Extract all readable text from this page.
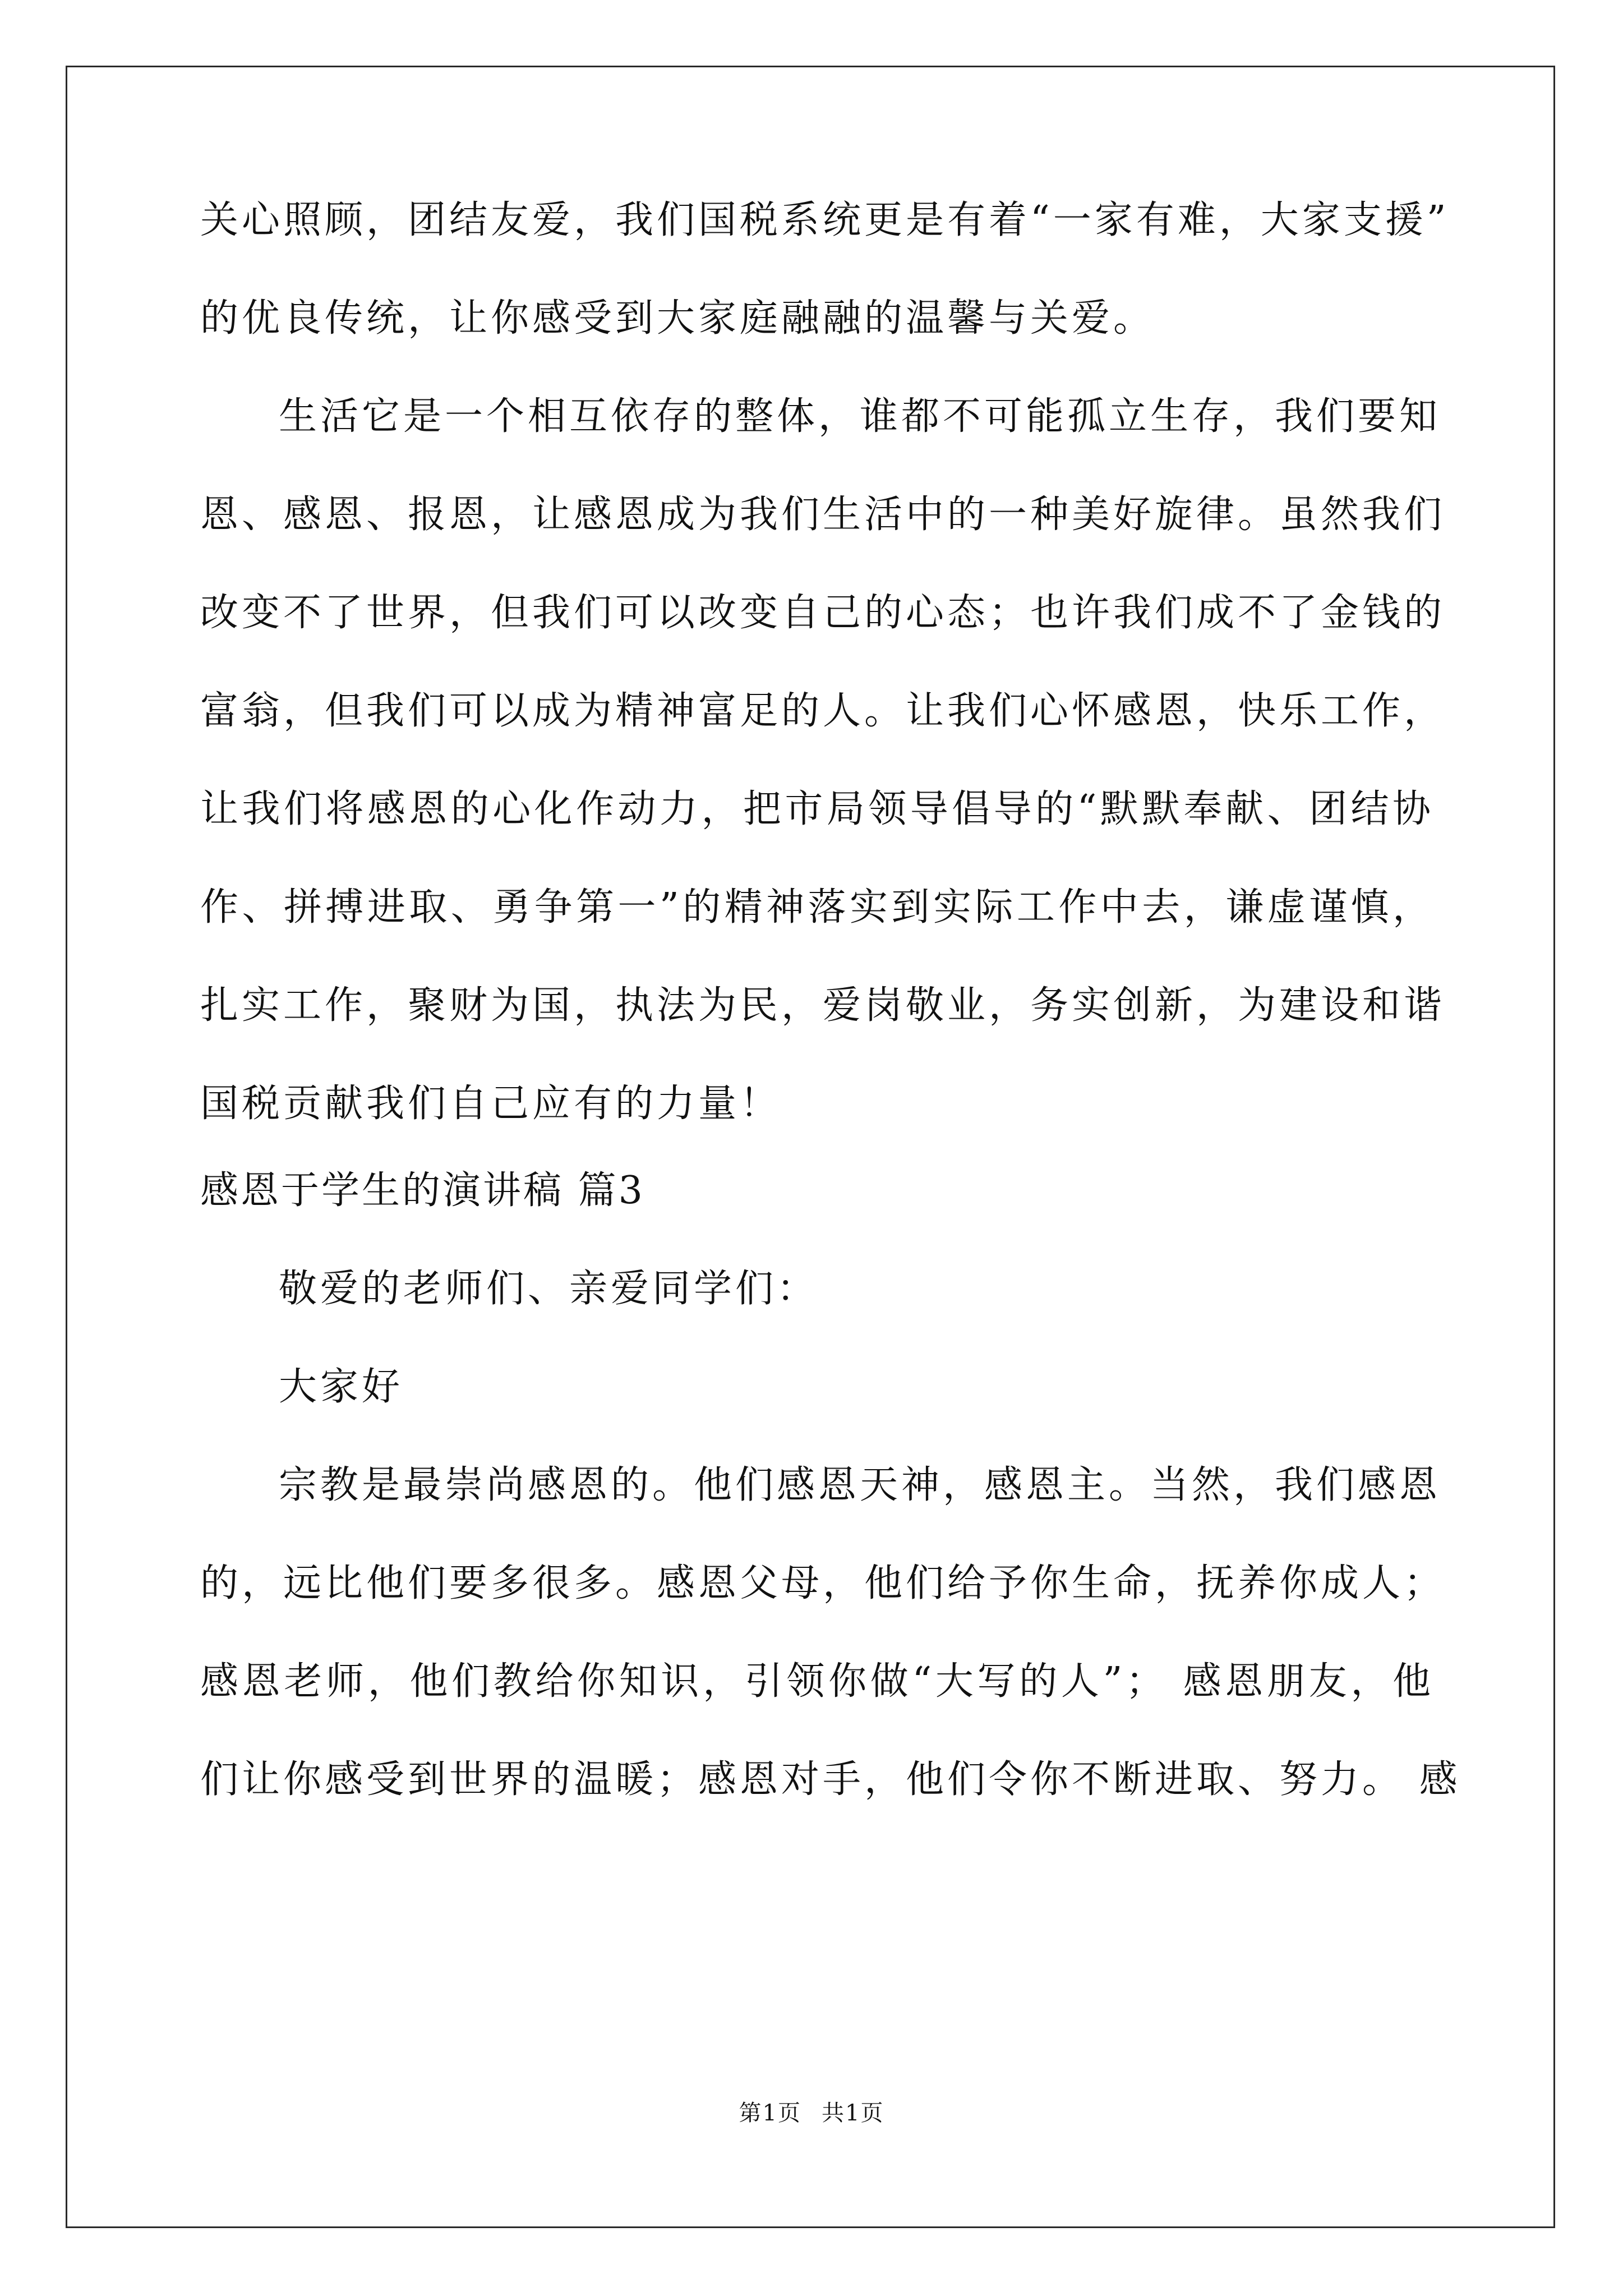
关心照顾，团结友爱，我们国税系统更是有着“一家有难，大家支援”
的优良传统，让你感受到大家庭融融的温馨与关爱。
生活它是一个相互依存的整体，谁都不可能孤立生存，我们要知
恩、感恩、报恩，让感恩成为我们生活中的一种美好旋律。虽然我们
改变不了世界，但我们可以改变自己的心态；也许我们成不了金钱的
富翁，但我们可以成为精神富足的人。让我们心怀感恩，快乐工作，
让我们将感恩的心化作动力，把市局领导倡导的“默默奉献、团结协
作、拼搏进取、勇争第一”的精神落实到实际工作中去，谦虚谨慎，
扎实工作，聚财为国，执法为民，爱岗敬业，务实创新，为建设和谐
国税贡献我们自己应有的力量！
感恩于学生的演讲稿 篇3
敬爱的老师们、亲爱同学们：
大家好
宗教是最崇尚感恩的。他们感恩天神，感恩主。当然，我们感恩
的，远比他们要多很多。感恩父母，他们给予你生命，抚养你成人；
感恩老师，他们教给你知识，引领你做“大写的人”； 感恩朋友，他
们让你感受到世界的温暖；感恩对手，他们令你不断进取、努力。 感
第1页 共1页
